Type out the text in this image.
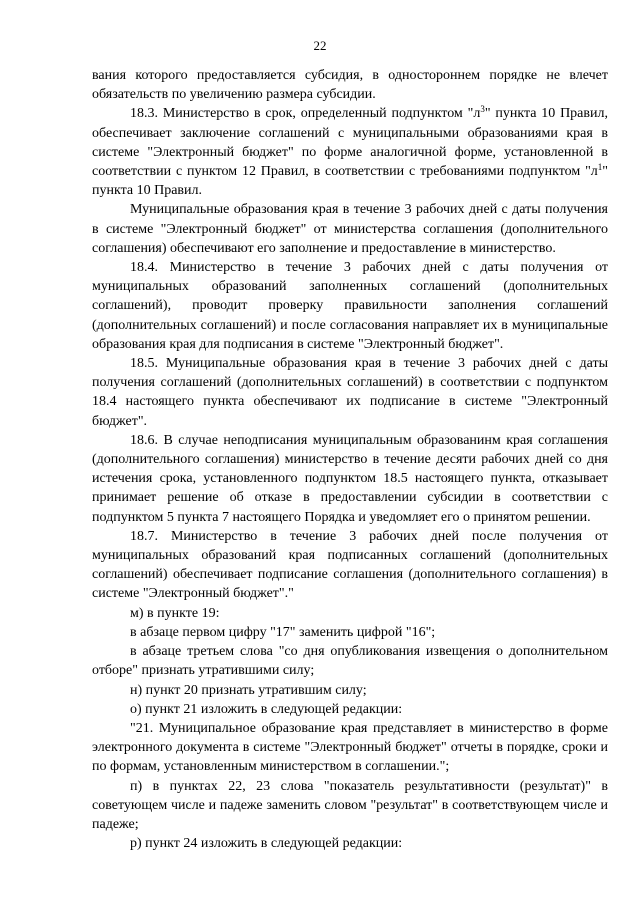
22

вания которого предоставляется субсидия, в одностороннем порядке не влечет обязательств по увеличению размера субсидии.

18.3. Министерство в срок, определенный подпунктом "$л^3$" пункта 10 Правил, обеспечивает заключение соглашений с муниципальными образованиями края в системе "Электронный бюджет" по форме аналогичной форме, установленной в соответствии с пунктом 12 Правил, в соответствии с требованиями подпунктом "$л^1$" пункта 10 Правил.

Муниципальные образования края в течение 3 рабочих дней с даты получения в системе "Электронный бюджет" от министерства соглашения (дополнительного соглашения) обеспечивают его заполнение и предоставление в министерство.

18.4. Министерство в течение 3 рабочих дней с даты получения от муниципальных образований заполненных соглашений (дополнительных соглашений), проводит проверку правильности заполнения соглашений (дополнительных соглашений) и после согласования направляет их в муниципальные образования края для подписания в системе "Электронный бюджет".

18.5. Муниципальные образования края в течение 3 рабочих дней с даты получения соглашений (дополнительных соглашений) в соответствии с подпунктом 18.4 настоящего пункта обеспечивают их подписание в системе "Электронный бюджет".

18.6. В случае неподписания муниципальным образованинм края соглашения (дополнительного соглашения) министерство в течение десяти рабочих дней со дня истечения срока, установленного подпунктом 18.5 настоящего пункта, отказывает принимает решение об отказе в предоставлении субсидии в соответствии с подпунктом 5 пункта 7 настоящего Порядка и уведомляет его о принятом решении.

18.7. Министерство в течение 3 рабочих дней после получения от муниципальных образований края подписанных соглашений (дополнительных соглашений) обеспечивает подписание соглашения (дополнительного соглашения) в системе "Электронный бюджет"."

м) в пункте 19:

в абзаце первом цифру "17" заменить цифрой "16";

в абзаце третьем слова "со дня опубликования извещения о дополнительном отборе" признать утратившими силу;

н) пункт 20 признать утратившим силу;

о) пункт 21 изложить в следующей редакции:

"21. Муниципальное образование края представляет в министерство в форме электронного документа в системе "Электронный бюджет" отчеты в порядке, сроки и по формам, установленным министерством в соглашении.";

п) в пунктах 22, 23 слова "показатель результативности (результат)" в советующем числе и падеже заменить словом "результат" в соответствующем числе и падеже;

р) пункт 24 изложить в следующей редакции:
